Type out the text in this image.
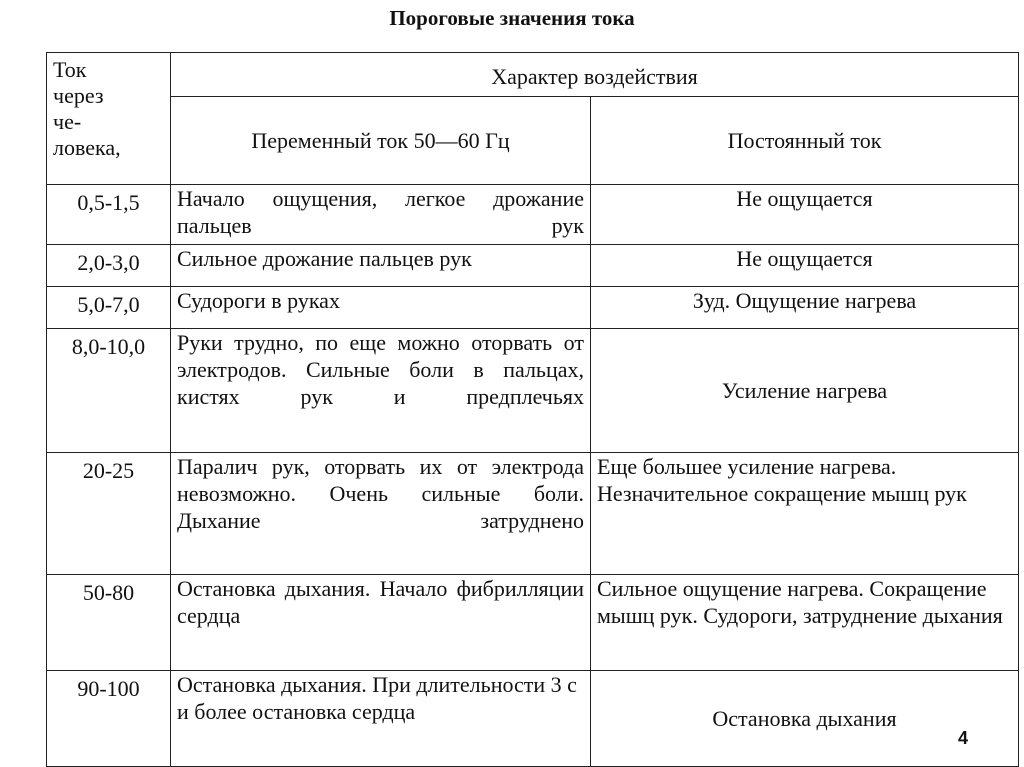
Пороговые значения тока
Ток
через
че-
ловека,	Характер воздействия	
	Переменный ток 50—60 Гц	Постоянный ток
0,5-1,5	Начало ощущения, легкое дрожание пальцев рук	Не ощущается
2,0-3,0	Сильное дрожание пальцев рук	Не ощущается
5,0-7,0	Судороги в руках	Зуд. Ощущение нагрева
8,0-10,0	Руки трудно, по еще можно оторвать от электродов. Сильные боли в пальцах, кистях рук и предплечьях	Усиление нагрева
20-25	Паралич рук, оторвать их от электрода невозможно. Очень сильные боли. Дыхание затруднено	Еще большее усиление нагрева. Незначительное сокращение мышц рук
50-80	Остановка дыхания. Начало фибрилляции сердца	Сильное ощущение нагрева. Сокращение мышц рук. Судороги, затруднение дыхания
90-100	Остановка дыхания. При длительности 3 с и более остановка сердца	Остановка дыхания
4
